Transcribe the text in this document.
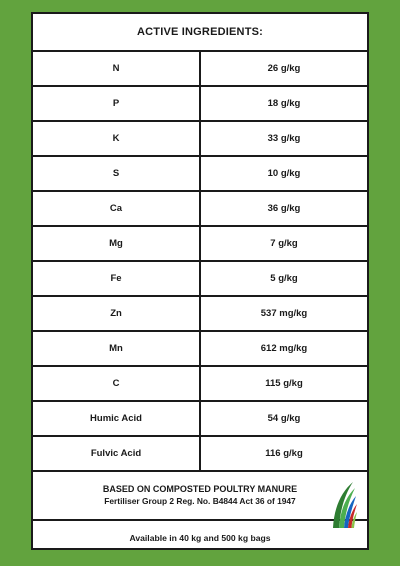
ACTIVE INGREDIENTS:
N	26 g/kg
P	18 g/kg
K	33 g/kg
S	10 g/kg
Ca	36 g/kg
Mg	7 g/kg
Fe	5 g/kg
Zn	537 mg/kg
Mn	612 mg/kg
C	115 g/kg
Humic Acid	54 g/kg
Fulvic Acid	116 g/kg
BASED ON COMPOSTED POULTRY MANURE
Fertiliser Group 2 Reg. No. B4844 Act 36 of 1947
Available in 40 kg and 500 kg bags
